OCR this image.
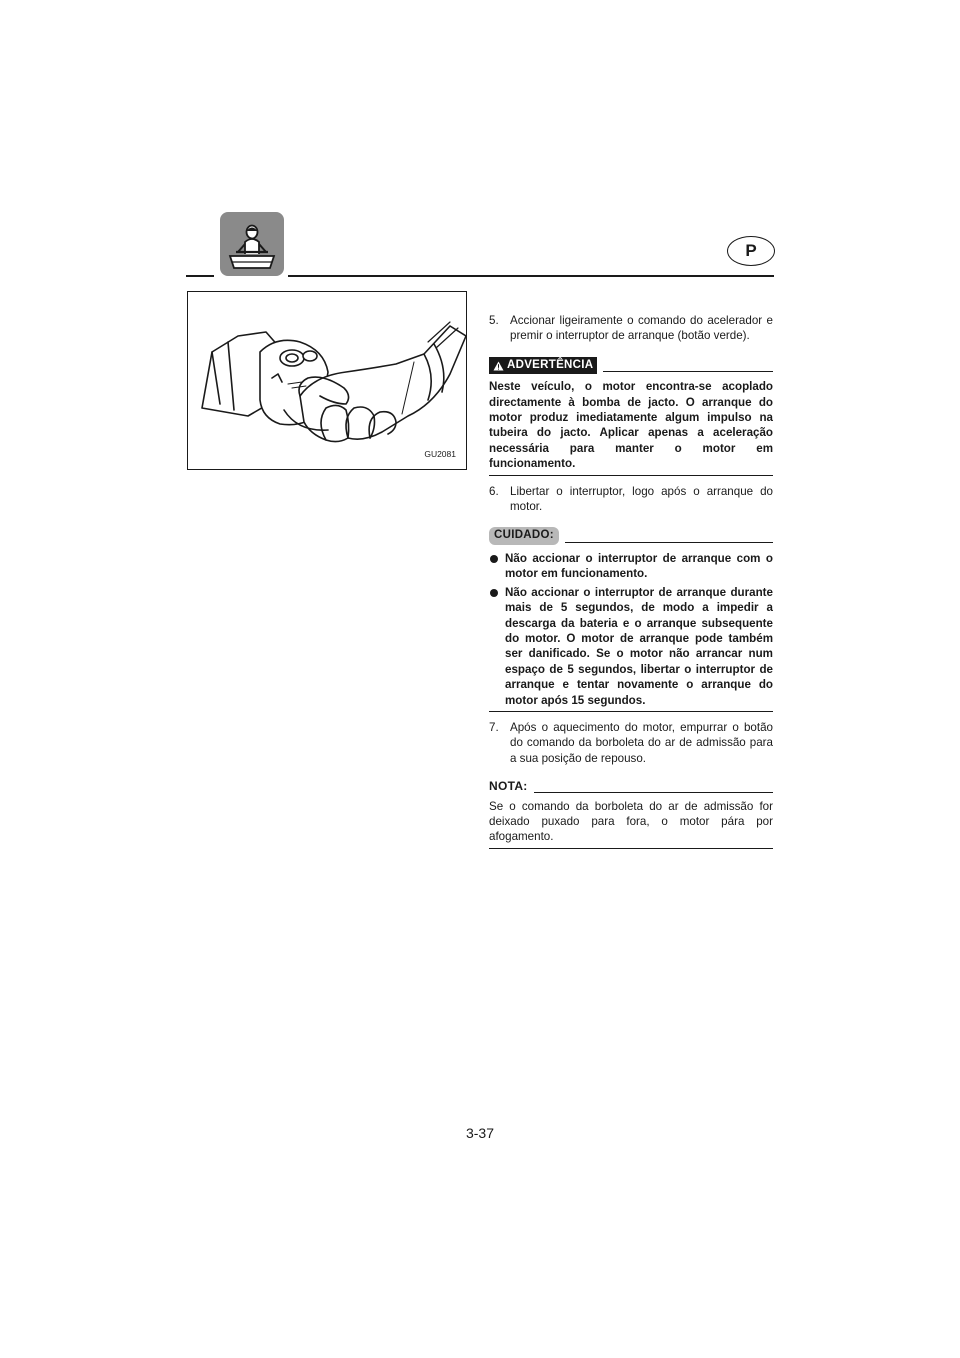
P
GU2081

5. Accionar ligeiramente o comando do acelerador e premir o interruptor de arranque (botão verde).

ADVERTÊNCIA

Neste veículo, o motor encontra-se acoplado directamente à bomba de jacto. O arranque do motor produz imediatamente algum impulso na tubeira do jacto. Aplicar apenas a aceleração necessária para manter o motor em funcionamento.

6. Libertar o interruptor, logo após o arranque do motor.

CUIDADO:
Não accionar o interruptor de arranque com o motor em funcionamento.
Não accionar o interruptor de arranque durante mais de 5 segundos, de modo a impedir a descarga da bateria e o arranque subsequente do motor. O motor de arranque pode também ser danificado. Se o motor não arrancar num espaço de 5 segundos, libertar o interruptor de arranque e tentar novamente o arranque do motor após 15 segundos.

7. Após o aquecimento do motor, empurrar o botão do comando da borboleta do ar de admissão para a sua posição de repouso.

NOTA:

Se o comando da borboleta do ar de admissão for deixado puxado para fora, o motor pára por afogamento.

3-37
